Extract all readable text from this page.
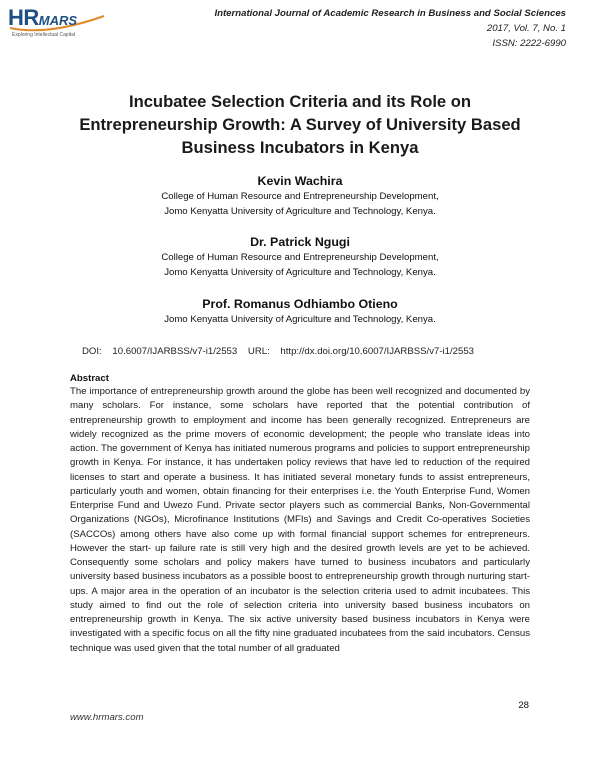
HRMARS
Exploring Intellectual Capital
International Journal of Academic Research in Business and Social Sciences
2017, Vol. 7, No. 1
ISSN: 2222-6990
Incubatee Selection Criteria and its Role on
Entrepreneurship Growth: A Survey of University Based
Business Incubators in Kenya
Kevin Wachira
College of Human Resource and Entrepreneurship Development,
Jomo Kenyatta University of Agriculture and Technology, Kenya.
Dr. Patrick Ngugi
College of Human Resource and Entrepreneurship Development,
Jomo Kenyatta University of Agriculture and Technology, Kenya.
Prof. Romanus Odhiambo Otieno
Jomo Kenyatta University of Agriculture and Technology, Kenya.
DOI: 10.6007/IJARBSS/v7-i1/2553 URL: http://dx.doi.org/10.6007/IJARBSS/v7-i1/2553
Abstract
The importance of entrepreneurship growth around the globe has been well recognized and documented by many scholars. For instance, some scholars have reported that the potential contribution of entrepreneurship growth to employment and income has been generally recognized. Entrepreneurs are widely recognized as the prime movers of economic development; the people who translate ideas into action. The government of Kenya has initiated numerous programs and policies to support entrepreneurship growth in Kenya. For instance, it has undertaken policy reviews that have led to reduction of the required licenses to start and operate a business. It has initiated several monetary funds to assist entrepreneurs, particularly youth and women, obtain financing for their enterprises i.e. the Youth Enterprise Fund, Women Enterprise Fund and Uwezo Fund. Private sector players such as commercial Banks, Non-Governmental Organizations (NGOs), Microfinance Institutions (MFIs) and Savings and Credit Co-operatives Societies (SACCOs) among others have also come up with formal financial support schemes for entrepreneurs. However the start- up failure rate is still very high and the desired growth levels are yet to be achieved. Consequently some scholars and policy makers have turned to business incubators and particularly university based business incubators as a possible boost to entrepreneurship growth through nurturing start-ups. A major area in the operation of an incubator is the selection criteria used to admit incubatees. This study aimed to find out the role of selection criteria into university based business incubators on entrepreneurship growth in Kenya. The six active university based business incubators in Kenya were investigated with a specific focus on all the fifty nine graduated incubatees from the said incubators. Census technique was used given that the total number of all graduated
28
www.hrmars.com
